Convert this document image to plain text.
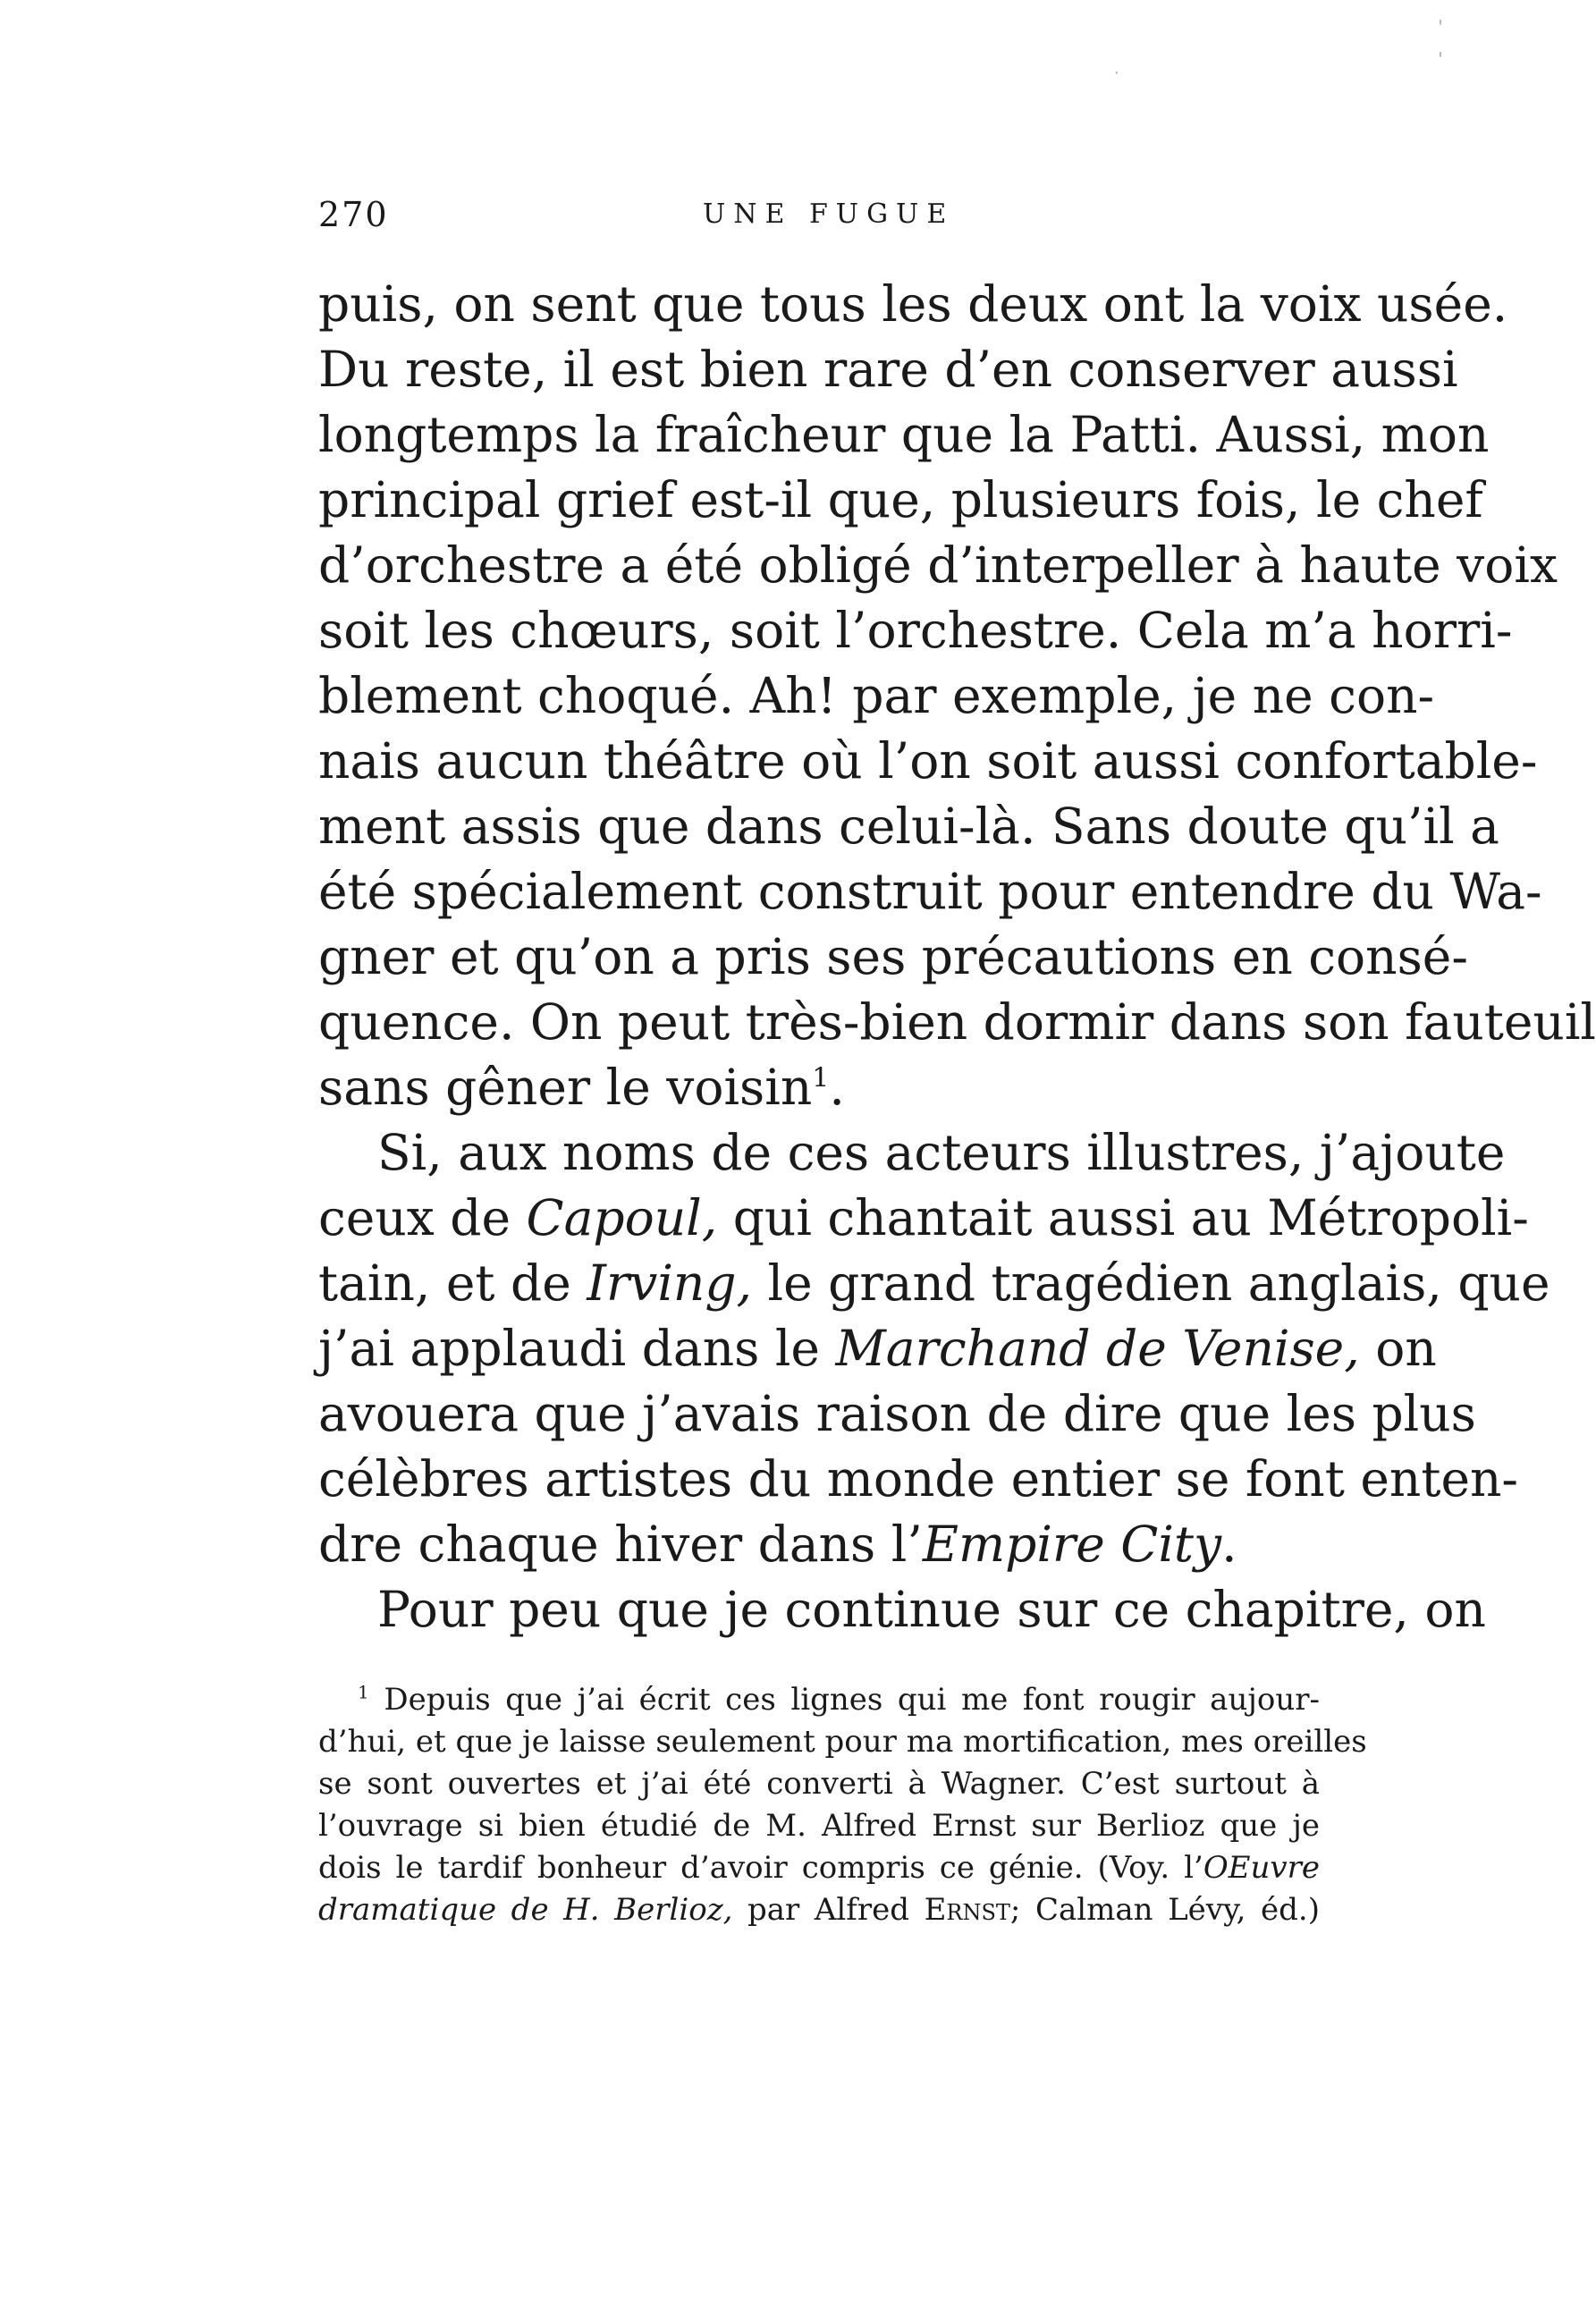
'
'
·
270	UNE FUGUE
puis, on sent que tous les deux ont la voix usée.
Du reste, il est bien rare d’en conserver aussi
longtemps la fraîcheur que la Patti. Aussi, mon
principal grief est-il que, plusieurs fois, le chef
d’orchestre a été obligé d’interpeller à haute voix
soit les chœurs, soit l’orchestre. Cela m’a horri-
blement choqué. Ah! par exemple, je ne con-
nais aucun théâtre où l’on soit aussi confortable-
ment assis que dans celui-là. Sans doute qu’il a
été spécialement construit pour entendre du Wa-
gner et qu’on a pris ses précautions en consé-
quence. On peut très-bien dormir dans son fauteuil
sans gêner le voisin$^1$.
Si, aux noms de ces acteurs illustres, j’ajoute
ceux de Capoul, qui chantait aussi au Métropoli-
tain, et de Irving, le grand tragédien anglais, que
j’ai applaudi dans le Marchand de Venise, on
avouera que j’avais raison de dire que les plus
célèbres artistes du monde entier se font enten-
dre chaque hiver dans l’Empire City.
Pour peu que je continue sur ce chapitre, on
$^1$ Depuis que j’ai écrit ces lignes qui me font rougir aujour-
d’hui, et que je laisse seulement pour ma mortification, mes oreilles
se sont ouvertes et j’ai été converti à Wagner. C’est surtout à
l’ouvrage si bien étudié de M. Alfred Ernst sur Berlioz que je
dois le tardif bonheur d’avoir compris ce génie. (Voy. l’OEuvre
dramatique de H. Berlioz, par Alfred Ernst; Calman Lévy, éd.)
